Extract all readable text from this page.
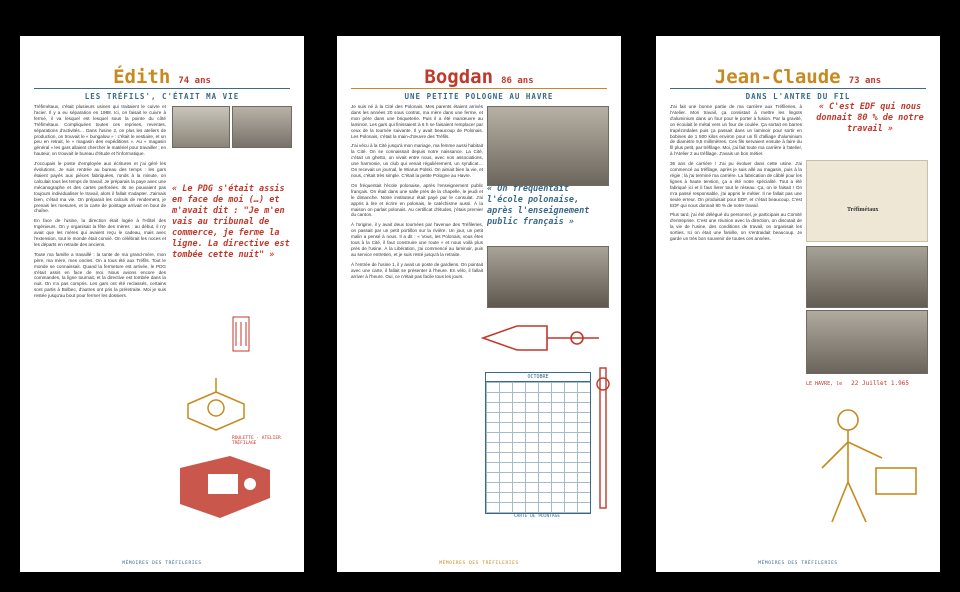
Édith 74 ans
LES TRÉFILS', C'ÉTAIT MA VIE

Tréfimétaux, c'était plusieurs usines qui traitaient le cuivre et l'acier. Il y a eu séparation en 1988. Ici, on faisait le cuivre à fermé, il va lesquel est lesquel sous la pointe du côté Tréfimétaux. Compliquées toutes ces reprises, reventes, séparations d'activités… Dans l'usine 2, on plus les ateliers de production, on trouvait le « bungalow » : c'était le vestiaire, et un peu en retrait, le « magasin des expéditions ». Au « magasin général » les gars allaient chercher le matériel pour travailler ; en hauteur, on trouvait le bureau d'étude et l'informatique.

J'occupais le poste d'employée aux écritures et j'ai géré les évolutions. Je suis rentrée au bureau des temps : les gars étaient payés aux pièces fabriquées, ronds à la minute, on calculait tous les temps de travail. Je préparais la paye avec une mécanographe et des cartes perforées. Ils ne pouvaient pas toujours individualiser le travail, alors il fallait s'adapter. J'aimais bien, c'était ma vie. On préparait les calculs de rendement, je prenais les mesures, et la carte de pointage arrivait en bout de chaîne.

En face de l'usine, la direction était logée à l'Hôtel des Ingénieurs. On y organisait la fête des mères : au début, il n'y avait que les mères qui avaient reçu le cadeau, mais avec l'extension, tout le monde était convié. On célébrait les noces et les départs en retraite des anciens.

Toute ma famille a travaillé : la tante de ma grand-mère, mon père, ma mère, mes oncles. On a tous été aux Tréfils. Tout le monde se connaissait. Quand la fermeture est arrivée, le PDG s'était assis en face de moi. Nous avions encore des commandes, la ligne tournait, et la directive est tombée dans la nuit. On n'a pas compris. Les gars ont été reclassés, certains sont partis à Bolbec, d'autres ont pris la préretraite. Moi je suis restée jusqu'au bout pour fermer les dossiers.

« Le PDG s'était assis en face de moi (…) et m'avait dit : "Je m'en vais au tribunal de commerce, je ferme la ligne. La directive est tombée cette nuit" »
ROULETTE · ATELIER TRÉFILAGE
MÉMOIRES DES TRÉFILERIES
Bogdan 86 ans
UNE PETITE POLOGNE AU HAVRE

Je suis né à la Cité des Polonais. Mes parents étaient arrivés dans les années 20 sous contrat, ma mère dans une ferme, et mon père dans une briqueterie. Puis il a été manœuvre au laminoir. Les gars qui finissaient à 6 h se faisaient remplacer par ceux de la tournée suivante. Il y avait beaucoup de Polonais. Les Polonais, c'était la main-d'œuvre des Tréfils.

J'ai vécu à la Cité jusqu'à mon mariage, ma femme aussi habitait la Cité. On se connaissait depuis notre naissance. La Cité, c'était un ghetto, on vivait entre nous, avec nos associations, une harmonie, un club qui venait régulièrement, un syndicat… On recevait un journal, le Wiarus Polski. On aimait bien la vie, et nous, c'était très simple. C'était la petite Pologne au Havre.

On fréquentait l'école polonaise, après l'enseignement public français. On était dans une salle près de la chapelle, le jeudi et le dimanche. Notre instituteur était payé par le consulat. J'ai appris à lire et écrire en polonais, le catéchisme aussi. À la maison on parlait polonais. Au certificat d'études, j'étais premier du canton.

À l'origine, il y avait deux tournées par l'avenue des Tréfileries, on passait par un petit portillon sur la rivière. Un jour, un petit malin a pensé à nous. Il a dit : « Vous, les Polonais, vous êtes tous à la Cité, il faut construire une route » et nous voilà plus près de l'usine. À la Libération, j'ai commencé au laminoir, puis au service entretien, et je suis resté jusqu'à la retraite.

À l'entrée de l'usine 1, il y avait un poste de gardiens. On pointait avec une carte, il fallait se présenter à l'heure. En vélo, il fallait arriver à l'heure. Oui, ce n'était pas facile tous les jours.

« On fréquentait l'école polonaise, après l'enseignement public français »
OCTOBRE
CARTE DE POINTAGE
MÉMOIRES DES TRÉFILERIES
Jean-Claude 73 ans
DANS L'ANTRE DU FIL

J'ai fait une bonne partie de ma carrière aux Tréfileries, à l'Atelier. Mon travail, ça consistait à mettre les lingots d'aluminium dans un four pour le porter à fusion. Par la gravité, on écoulait le métal vers un four de coulée. Ça sortait en barres trapézoïdales puis ça passait dans un laminoir pour sortir en bobines de 1 500 kilos environ pour un fil d'alliage d'aluminium de diamètre 9,5 millimètres. Ces fils servaient ensuite à faire du fil plus petit, par tréfilage. Moi, j'ai fait toute ma carrière à l'atelier, à l'Atelier 2 au tréfilage. J'avais un bon métier.

36 ans de carrière ! J'ai pu évoluer dans cette usine. J'ai commencé au tréfilage, après je suis allé au magasin, puis à la régie ; là j'ai terminé ma carrière. La fabrication de câblé pour les lignes à haute tension, ça a été notre spécialité. Tout a été fabriqué ici et il faut livrer tout le réseau. Ça, on le faisait ! On m'a passé responsable, j'ai appris le métier. Il ne fallait pas une seule erreur. On produisait pour EDF, et c'était beaucoup. C'est EDF qui nous donnait 80 % de notre travail.

Plus tard, j'ai été délégué du personnel, je participais au Comité d'entreprise. C'est une réunion avec la direction, on discutait de la vie de l'usine, des conditions de travail, on organisait les sorties. Ici on était une famille, on s'entraidait beaucoup. Je garde un très bon souvenir de toutes ces années.

« C'est EDF qui nous donnait 80 % de notre travail »
Tréfimétaux
LE HAVRE, le 22 Juillet 1.965
MÉMOIRES DES TRÉFILERIES
